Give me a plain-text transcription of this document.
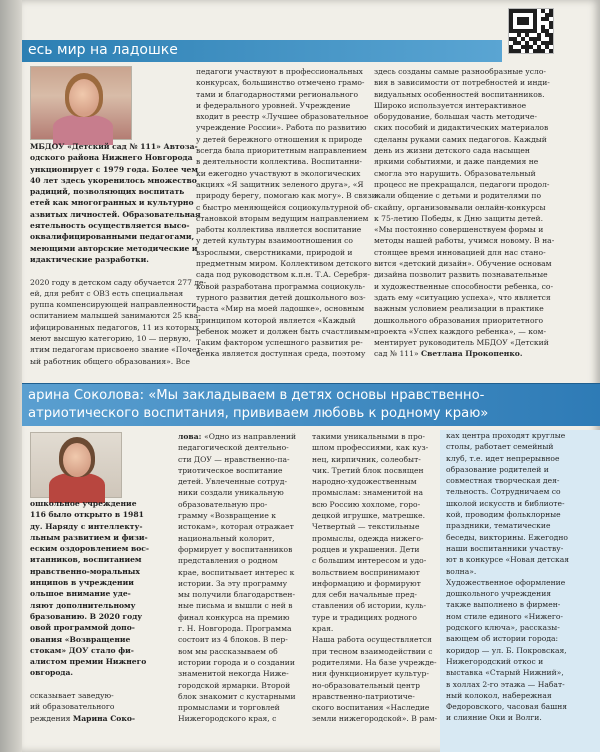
есь мир на ладошке

МБДОУ «Детский сад № 111» Автоза-

одского района Нижнего Новгорода

ункционирует с 1979 года. Более чем

40 лет здесь укоренилось множество

радиций, позволяющих воспитать

етей как многогранных и культурно

азвитых личностей. Образовательная

еятельность осуществляется высо-

оквалифицированными педагогами,

меющими авторские методические и

идактические разработки.

2020 году в детском саду обучается 277 де-

ей, для ребят с ОВЗ есть специальная

руппа компенсирующей направленности.

оспитанием малышей занимаются 25 ква-

ифицированных педагогов, 11 из которых

меют высшую категорию, 10 — первую,

ятим педагогам присвоено звание «Почет-

ый работник общего образования». Все

педагоги участвуют в профессиональных

конкурсах, большинство отмечено грамо-

тами и благодарностями регионального

и федерального уровней. Учреждение

входит в реестр «Лучшее образовательное

учреждение России». Работа по развитию

у детей бережного отношения к природе

всегда была приоритетным направлением

в деятельности коллектива. Воспитанни-

ки ежегодно участвуют в экологических

акциях «Я защитник зеленого друга», «Я

природу берегу, помогаю как могу». В связи

с быстро меняющейся социокультурной об-

становкой вторым ведущим направлением

работы коллектива является воспитание

у детей культуры взаимоотношения со

взрослыми, сверстниками, природой и

предметным миром. Коллективом детского

сада под руководством к.п.н. Т.А. Серебря-

ковой разработана программа социокуль-

турного развития детей дошкольного воз-

раста «Мир на моей ладошке», основным

принципом которой является «Каждый

ребенок может и должен быть счастливым».

Таким фактором успешного развития ре-

бенка является доступная среда, поэтому

здесь созданы самые разнообразные усло-

вия в зависимости от потребностей и инди-

видуальных особенностей воспитанников.

Широко используется интерактивное

оборудование, большая часть методиче-

ских пособий и дидактических материалов

сделаны руками самих педагогов. Каждый

день из жизни детского сада насыщен

яркими событиями, и даже пандемия не

смогла это нарушить. Образовательный

процесс не прекращался, педагоги продол-

жали общение с детьми и родителями по

скайпу, организовывали онлайн-конкурсы

к 75-летию Победы, к Дню защиты детей.

«Мы постоянно совершенствуем формы и

методы нашей работы, учимся новому. В на-

стоящее время инновацией для нас стано-

вится «детский дизайн». Обучение основам

дизайна позволит развить познавательные

и художественные способности ребенка, со-

здать ему «ситуацию успеха», что является

важным условием реализации в практике

дошкольного образования приоритетного

проекта «Успех каждого ребенка», — ком-

ментирует руководитель МБДОУ «Детский

сад № 111» Светлана Прокопенко.

арина Соколова: «Мы закладываем в детях основы нравственно-

атриотического воспитания, прививаем любовь к родному краю»

ошкольное учреждение

116 было открыто в 1981

ду. Наряду с интеллекту-

льным развитием и физи-

еским оздоровлением вос-

итанников, воспитанием

нравственно-моральных

инципов в учреждении

ольшое внимание уде-

ляют дополнительному

бразованию. В 2020 году

овой программой допо-

ования «Возвращение

стокам» ДОУ стало фи-

алистом премии Нижнего

овгорода.

ссказывает заведую-

ий образовательного

реждения Марина Соко-

лова: «Одно из направлений

педагогической деятельно-

сти ДОУ — нравственно-па-

триотическое воспитание

детей. Увлеченные сотруд-

ники создали уникальную

образовательную про-

грамму «Возвращение к

истокам», которая отражает

национальный колорит,

формирует у воспитанников

представления о родном

крае, воспитывает интерес к

истории. За эту программу

мы получили благодарствен-

ные письма и вышли с ней в

финал конкурса на премию

г. Н. Новгорода. Программа

состоит из 4 блоков. В пер-

вом мы рассказываем об

истории города и о создании

знаменитой некогда Ниже-

городской ярмарки. Второй

блок знакомит с кустарными

промыслами и торговлей

Нижегородского края, с

такими уникальными в про-

шлом профессиями, как куз-

нец, кирпичник, солеобыт-

чик. Третий блок посвящен

народно-художественным

промыслам: знаменитой на

всю Россию хохломе, горо-

децкой игрушке, матрешке.

Четвертый — текстильные

промыслы, одежда нижего-

родцев и украшения. Дети

с большим интересом и удо-

вольствием воспринимают

информацию и формируют

для себя начальные пред-

ставления об истории, куль-

туре и традициях родного

края.

Наша работа осуществляется

при тесном взаимодействии с

родителями. На базе учрежде-

ния функционирует культур-

но-образовательный центр

нравственно-патриотиче-

ского воспитания «Наследие

земли нижегородской». В рам-

ках центра проходят круглые

столы, работает семейный

клуб, т.е. идет непрерывное

образование родителей и

совместная творческая дея-

тельность. Сотрудничаем со

школой искусств и библиоте-

кой, проводим фольклорные

праздники, тематические

беседы, викторины. Ежегодно

наши воспитанники участву-

ют в конкурсе «Новая детская

волна».

Художественное оформление

дошкольного учреждения

также выполнено в фирмен-

ном стиле единого «Нижего-

родского ключа», рассказы-

вающем об истории города:

коридор — ул. Б. Покровская,

Нижегородский откос и

выставка «Старый Нижний»,

в холлах 2-го этажа — Набат-

ный колокол, набережная

Федоровского, часовая башня

и слияние Оки и Волги.
